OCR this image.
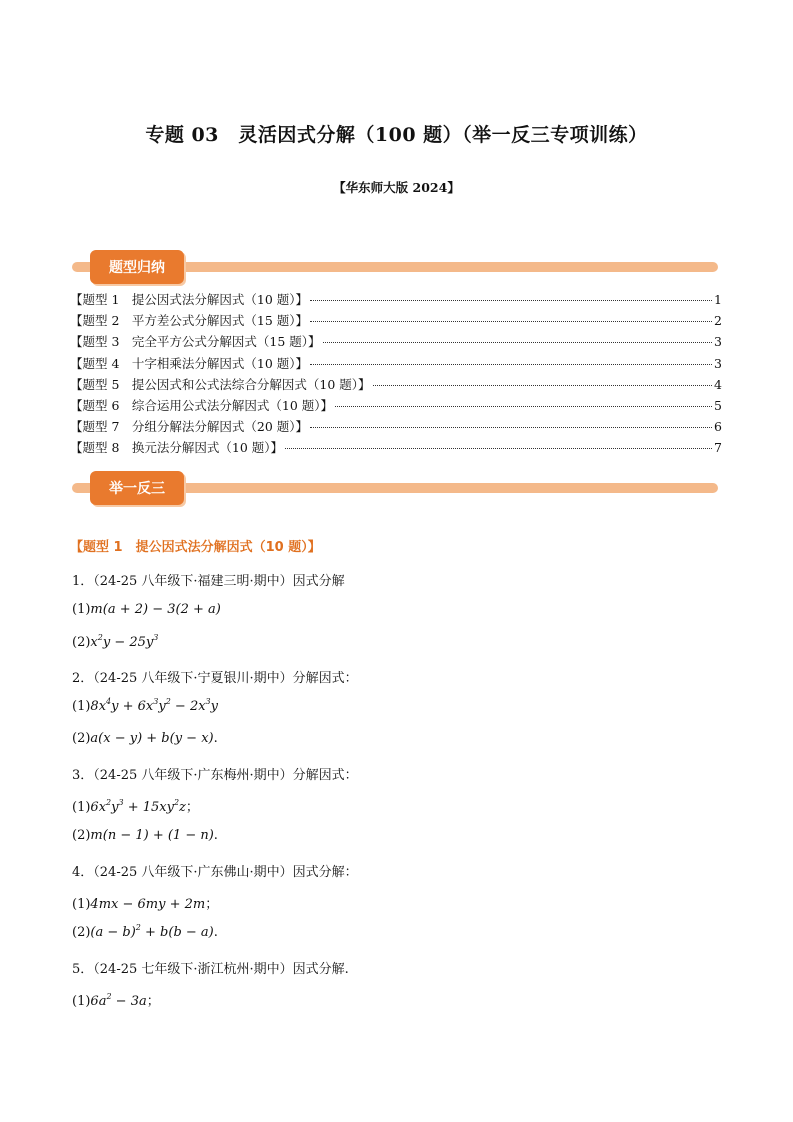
专题 03　灵活因式分解（100 题）（举一反三专项训练）
【华东师大版 2024】
题型归纳
【题型 1　提公因式法分解因式（10 题）】	1
【题型 2　平方差公式分解因式（15 题）】	2
【题型 3　完全平方公式分解因式（15 题）】	3
【题型 4　十字相乘法分解因式（10 题）】	3
【题型 5　提公因式和公式法综合分解因式（10 题）】	4
【题型 6　综合运用公式法分解因式（10 题）】	5
【题型 7　分组分解法分解因式（20 题）】	6
【题型 8　换元法分解因式（10 题）】	7
举一反三
【题型 1　提公因式法分解因式（10 题）】
1．（24-25 八年级下·福建三明·期中）因式分解
(1)m(a + 2) − 3(2 + a)
$(2)x^2y - 25y^3$
2．（24-25 八年级下·宁夏银川·期中）分解因式：
$(1)8x^4y + 6x^3y^2 - 2x^3y$
(2)a(x − y) + b(y − x).
3．（24-25 八年级下·广东梅州·期中）分解因式：
$(1)6x^2y^3 + 15xy^2z$；
(2)m(n − 1) + (1 − n).
4．（24-25 八年级下·广东佛山·期中）因式分解：
(1)4mx − 6my + 2m；
$(2)(a - b)^2 + b(b - a)$.
5．（24-25 七年级下·浙江杭州·期中）因式分解.
$(1)6a^2 - 3a$；
